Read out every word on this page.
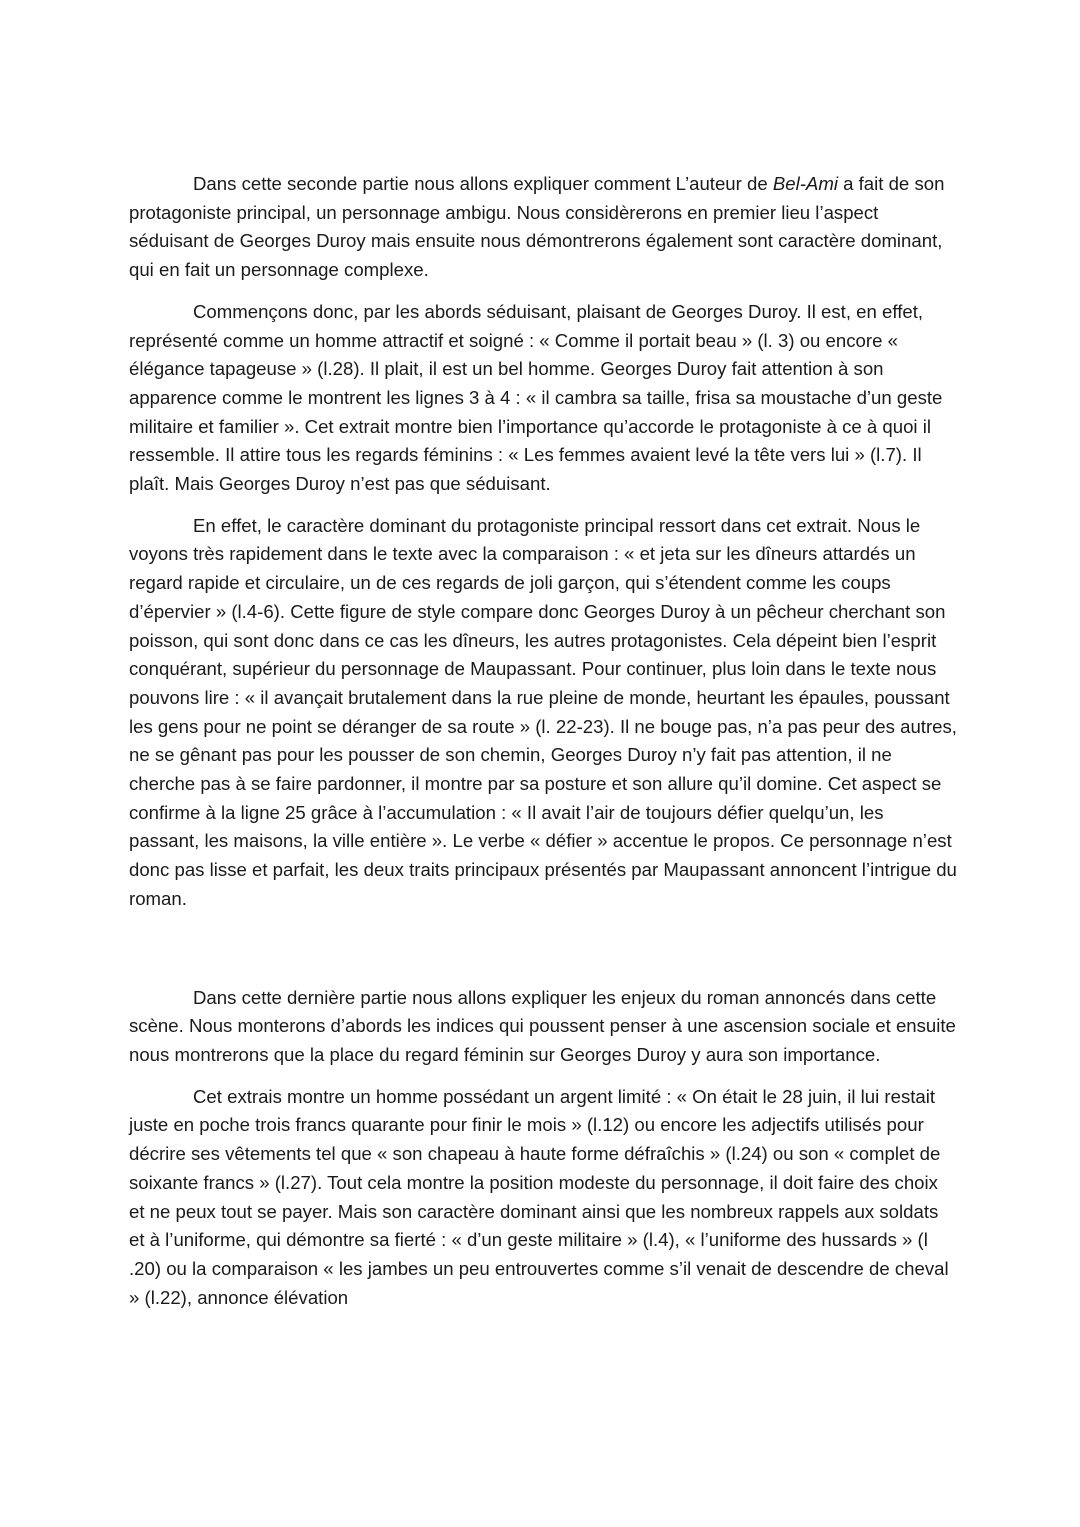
Dans cette seconde partie nous allons expliquer comment L’auteur de Bel-Ami a fait de son protagoniste principal, un personnage ambigu. Nous considèrerons en premier lieu l’aspect séduisant de Georges Duroy mais ensuite nous démontrerons également sont caractère dominant, qui en fait un personnage complexe.

Commençons donc, par les abords séduisant, plaisant de Georges Duroy. Il est, en effet, représenté comme un homme attractif et soigné : « Comme il portait beau » (l. 3) ou encore « élégance tapageuse » (l.28). Il plait, il est un bel homme. Georges Duroy fait attention à son apparence comme le montrent les lignes 3 à 4 : « il cambra sa taille, frisa sa moustache d’un geste militaire et familier ». Cet extrait montre bien l’importance qu’accorde le protagoniste à ce à quoi il ressemble. Il attire tous les regards féminins : « Les femmes avaient levé la tête vers lui » (l.7). Il plaît. Mais Georges Duroy n’est pas que séduisant.

En effet, le caractère dominant du protagoniste principal ressort dans cet extrait. Nous le voyons très rapidement dans le texte avec la comparaison : « et jeta sur les dîneurs attardés un regard rapide et circulaire, un de ces regards de joli garçon, qui s’étendent comme les coups d’épervier » (l.4-6). Cette figure de style compare donc Georges Duroy à un pêcheur cherchant son poisson, qui sont donc dans ce cas les dîneurs, les autres protagonistes. Cela dépeint bien l’esprit conquérant, supérieur du personnage de Maupassant. Pour continuer, plus loin dans le texte nous pouvons lire : « il avançait brutalement dans la rue pleine de monde, heurtant les épaules, poussant les gens pour ne point se déranger de sa route » (l. 22-23). Il ne bouge pas, n’a pas peur des autres, ne se gênant pas pour les pousser de son chemin, Georges Duroy n’y fait pas attention, il ne cherche pas à se faire pardonner, il montre par sa posture et son allure qu’il domine. Cet aspect se confirme à la ligne 25 grâce à l’accumulation : « Il avait l’air de toujours défier quelqu’un, les passant, les maisons, la ville entière ». Le verbe « défier » accentue le propos. Ce personnage n’est donc pas lisse et parfait, les deux traits principaux présentés par Maupassant annoncent l’intrigue du roman.

Dans cette dernière partie nous allons expliquer les enjeux du roman annoncés dans cette scène. Nous monterons d’abords les indices qui poussent penser à une ascension sociale et ensuite nous montrerons que la place du regard féminin sur Georges Duroy y aura son importance.

Cet extrais montre un homme possédant un argent limité : « On était le 28 juin, il lui restait juste en poche trois francs quarante pour finir le mois » (l.12) ou encore les adjectifs utilisés pour décrire ses vêtements tel que « son chapeau à haute forme défraîchis » (l.24) ou son « complet de soixante francs » (l.27). Tout cela montre la position modeste du personnage, il doit faire des choix et ne peux tout se payer. Mais son caractère dominant ainsi que les nombreux rappels aux soldats et à l’uniforme, qui démontre sa fierté : « d’un geste militaire » (l.4), « l’uniforme des hussards » (l .20) ou la comparaison « les jambes un peu entrouvertes comme s’il venait de descendre de cheval » (l.22), annonce élévation
